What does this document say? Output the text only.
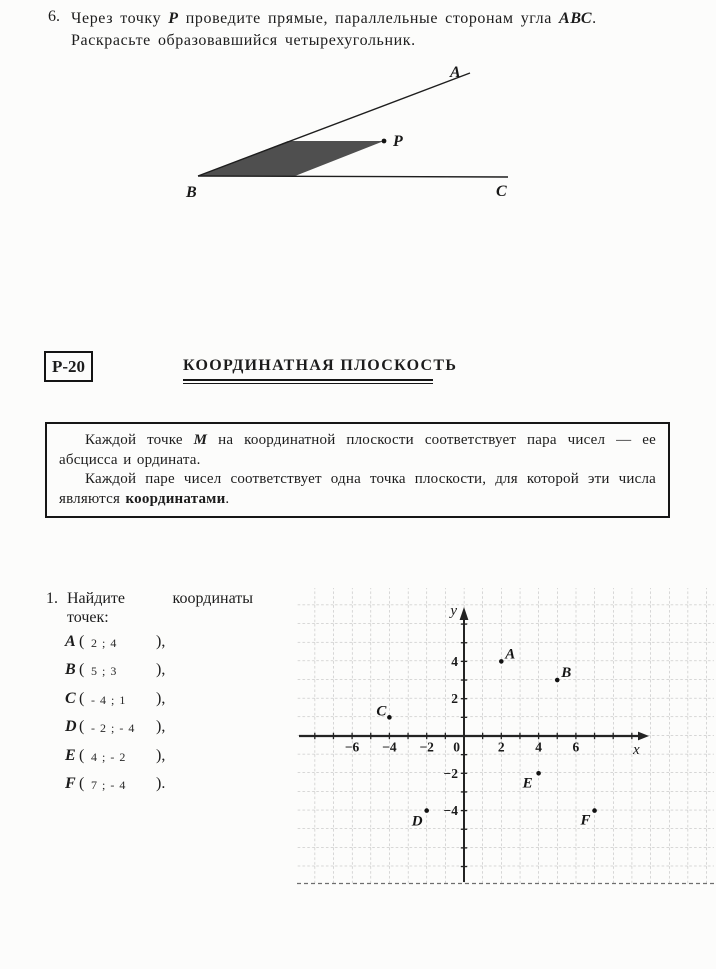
6. Через точку Р проведите прямые, параллельные сторонам угла АВС.
Раскрасьте образовавшийся четырехугольник.
A
B	C
P
Р-20	КООРДИНАТНАЯ ПЛОСКОСТЬ

Каждой точке М на координатной плоскости соответствует пара чисел — ее абсцисса и ордината.

Каждой паре чисел соответствует одна точка плоскости, для которой эти числа являются координатами.

1. Найдите	координаты
точек:
A ( 2 ; 4 ),
B ( 5 ; 3 ),
C ( - 4 ; 1 ),
D ( - 2 ; - 4 ),
E ( 4 ; - 2 ),
F ( 7 ; - 4 ).
y
x
−6 −4 −2 0	2 4 6
4
2
−2
−4
A
B
C
D
E
F
